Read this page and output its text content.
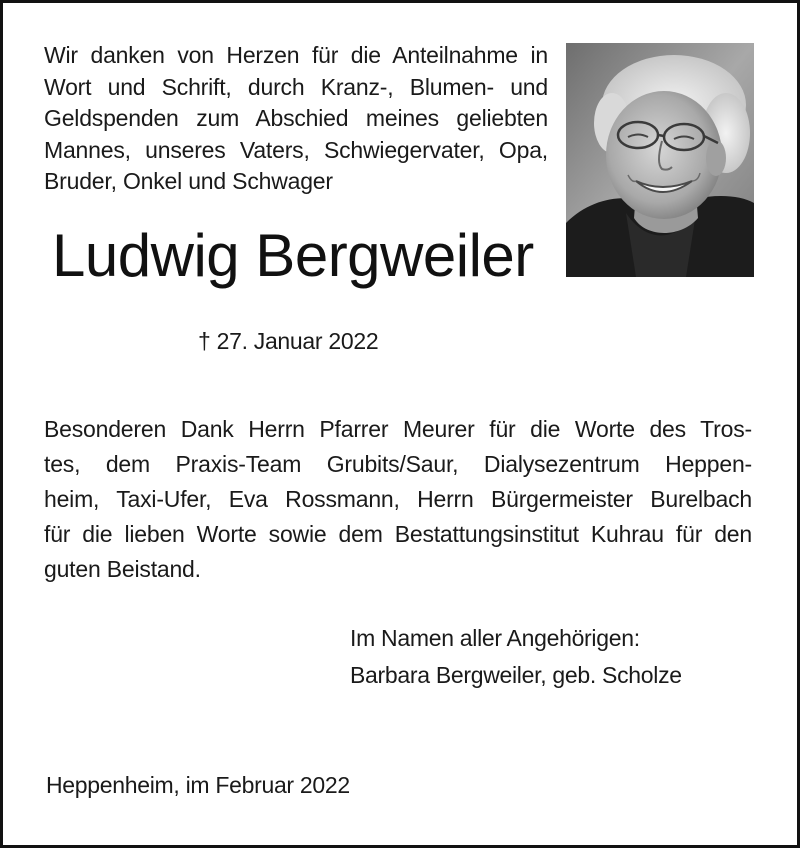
Wir danken von Herzen für die Anteilnahme in
Wort und Schrift, durch Kranz-, Blumen- und
Geldspenden zum Abschied meines geliebten
Mannes, unseres Vaters, Schwiegervater, Opa,
Bruder, Onkel und Schwager

Ludwig Bergweiler

† 27. Januar 2022

Besonderen Dank Herrn Pfarrer Meurer für die Worte des Tros-
tes, dem Praxis-Team Grubits/Saur, Dialysezentrum Heppen-
heim, Taxi-Ufer, Eva Rossmann, Herrn Bürgermeister Burelbach
für die lieben Worte sowie dem Bestattungsinstitut Kuhrau für den
guten Beistand.

Im Namen aller Angehörigen:
Barbara Bergweiler, geb. Scholze

Heppenheim, im Februar 2022
